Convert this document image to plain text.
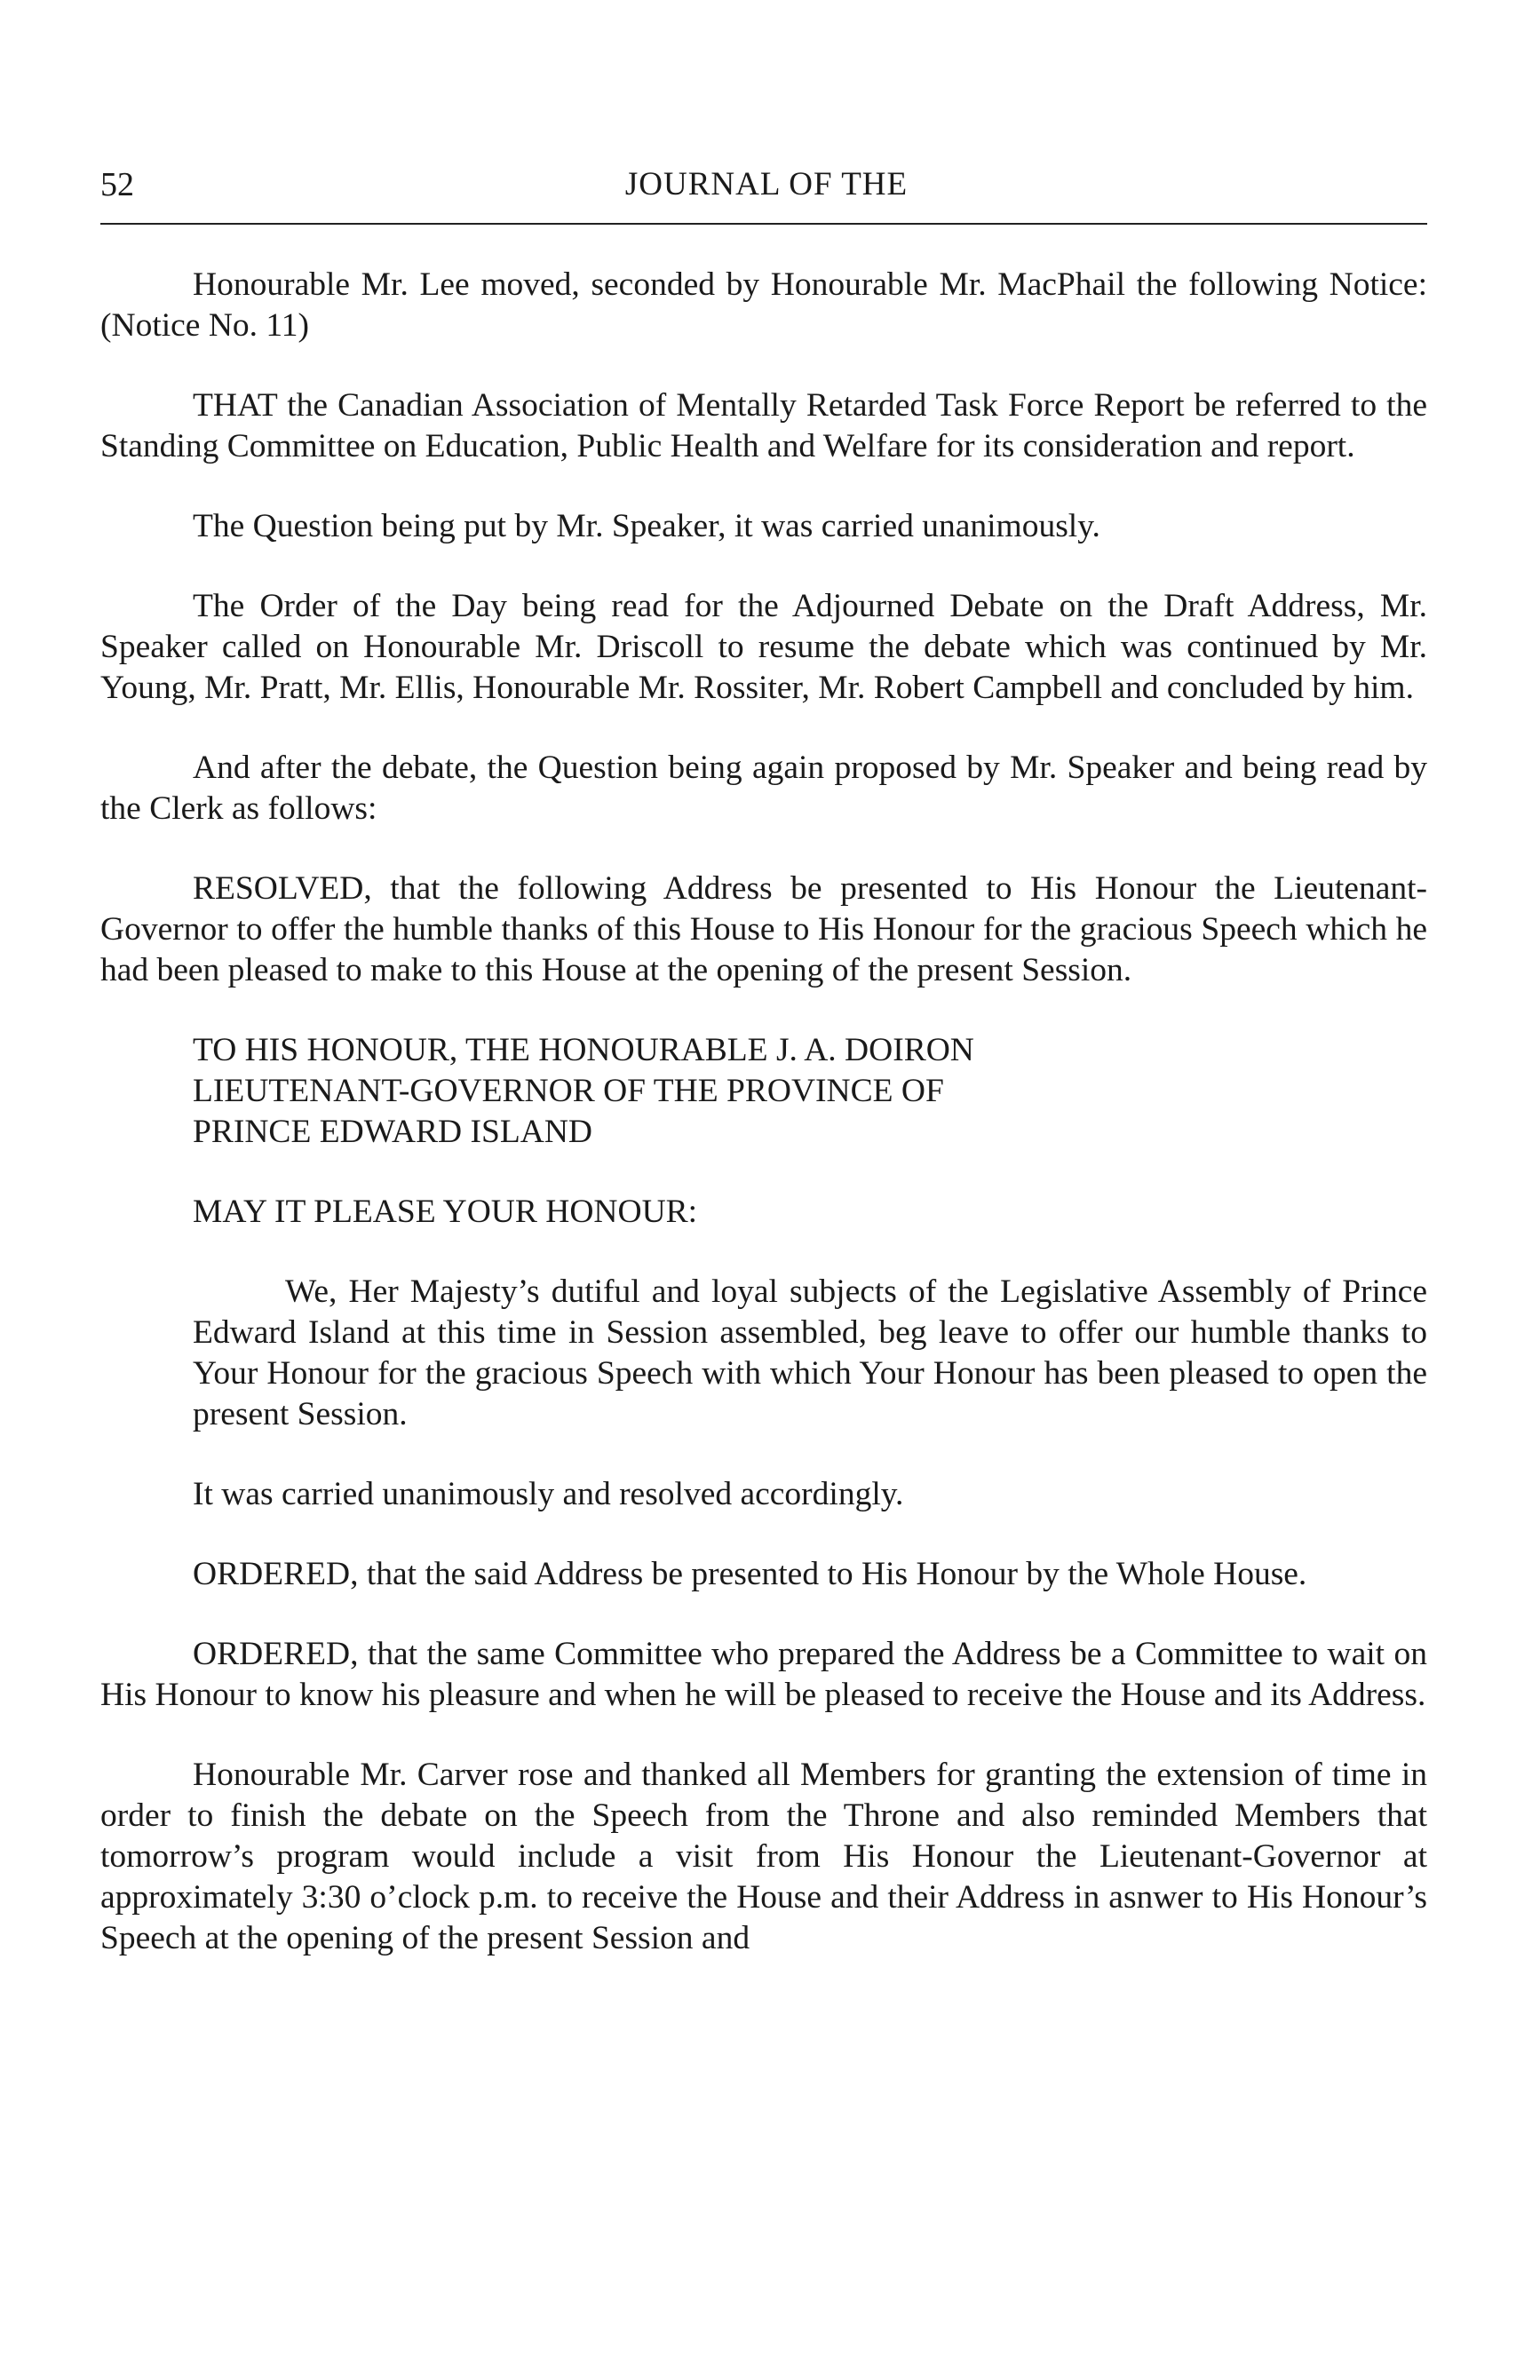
52	JOURNAL OF THE

Honourable Mr. Lee moved, seconded by Honourable Mr. MacPhail the following Notice: (Notice No. 11)

THAT the Canadian Association of Mentally Retarded Task Force Report be referred to the Standing Committee on Education, Public Health and Welfare for its consideration and report.

The Question being put by Mr. Speaker, it was carried unanimously.

The Order of the Day being read for the Adjourned Debate on the Draft Address, Mr. Speaker called on Honourable Mr. Driscoll to resume the debate which was continued by Mr. Young, Mr. Pratt, Mr. Ellis, Honourable Mr. Rossiter, Mr. Robert Campbell and concluded by him.

And after the debate, the Question being again proposed by Mr. Speaker and being read by the Clerk as follows:

RESOLVED, that the following Address be presented to His Honour the Lieutenant-Governor to offer the humble thanks of this House to His Honour for the gracious Speech which he had been pleased to make to this House at the opening of the present Session.

TO HIS HONOUR, THE HONOURABLE J. A. DOIRON
LIEUTENANT-GOVERNOR OF THE PROVINCE OF
PRINCE EDWARD ISLAND

MAY IT PLEASE YOUR HONOUR:

We, Her Majesty’s dutiful and loyal subjects of the Legislative Assembly of Prince Edward Island at this time in Session assembled, beg leave to offer our humble thanks to Your Honour for the gracious Speech with which Your Honour has been pleased to open the present Session.

It was carried unanimously and resolved accordingly.

ORDERED, that the said Address be presented to His Honour by the Whole House.

ORDERED, that the same Committee who prepared the Address be a Committee to wait on His Honour to know his pleasure and when he will be pleased to receive the House and its Address.

Honourable Mr. Carver rose and thanked all Members for granting the extension of time in order to finish the debate on the Speech from the Throne and also reminded Members that tomorrow’s program would include a visit from His Honour the Lieutenant-Governor at approximately 3:30 o’clock p.m. to receive the House and their Address in asnwer to His Honour’s Speech at the opening of the present Session and
